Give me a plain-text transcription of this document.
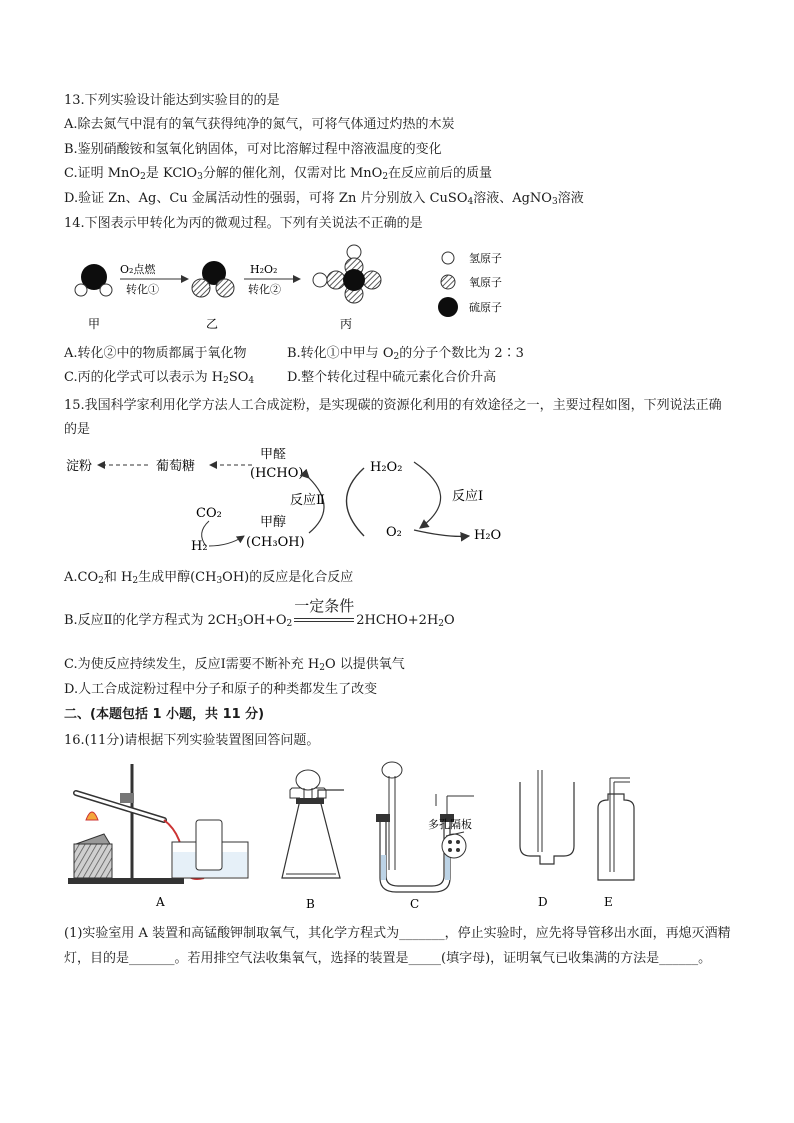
13.下列实验设计能达到实验目的的是
A.除去氮气中混有的氧气获得纯净的氮气，可将气体通过灼热的木炭
B.鉴别硝酸铵和氢氧化钠固体，可对比溶解过程中溶液温度的变化
C.证明 MnO$_2$是 KClO$_3$分解的催化剂，仅需对比 MnO$_2$在反应前后的质量
D.验证 Zn、Ag、Cu 金属活动性的强弱，可将 Zn 片分别放入 CuSO$_4$溶液、AgNO$_3$溶液
14.下图表示甲转化为丙的微观过程。下列有关说法不正确的是
O₂点燃
转化①
H₂O₂
转化②
甲	乙	丙
氢原子
氧原子
硫原子
A.转化②中的物质都属于氧化物	B.转化①中甲与 $O_2$的分子个数比为 2∶3
C.丙的化学式可以表示为 $H_2SO_4$	D.整个转化过程中硫元素化合价升高
15.我国科学家利用化学方法人工合成淀粉，是实现碳的资源化利用的有效途径之一，主要过程如图，下列说法正确的是
淀粉	葡萄糖
甲醛
(HCHO)
反应Ⅱ
H₂O₂
反应Ⅰ
O₂	H₂O
CO₂
H₂
甲醇
(CH₃OH)
$A.CO_2$和 $H_2$生成甲醇$(CH_3OH)$的反应是化合反应
B.反应Ⅱ的化学方程式为 $2CH_3OH+O_2$
一定条件
$2HCHO+2H_2O$
C.为使反应持续发生，反应Ⅰ需要不断补充 $H_2O$ 以提供氧气
D.人工合成淀粉过程中分子和原子的种类都发生了改变
二、(本题包括 1 小题，共 11 分)
16.(11分)请根据下列实验装置图回答问题。
多孔隔板
A	B	C	D	E
(1)实验室用 A 装置和高锰酸钾制取氧气，其化学方程式为_______，停止实验时，应先将导管移出水面，再熄灭酒精灯，目的是_______。若用排空气法收集氧气，选择的装置是_____(填字母)，证明氧气已收集满的方法是______。
